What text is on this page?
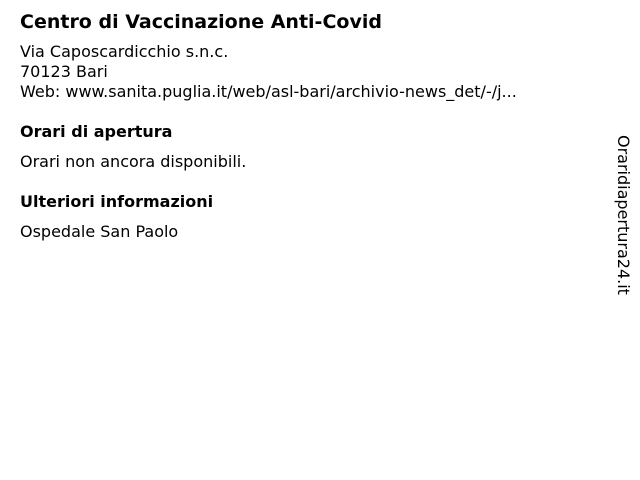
Centro di Vaccinazione Anti-Covid
Via Caposcardicchio s.n.c.
70123 Bari
Web: www.sanita.puglia.it/web/asl-bari/archivio-news_det/-/j...
Orari di apertura
Orari non ancora disponibili.
Ulteriori informazioni
Ospedale San Paolo	Oraridiapertura24.it
